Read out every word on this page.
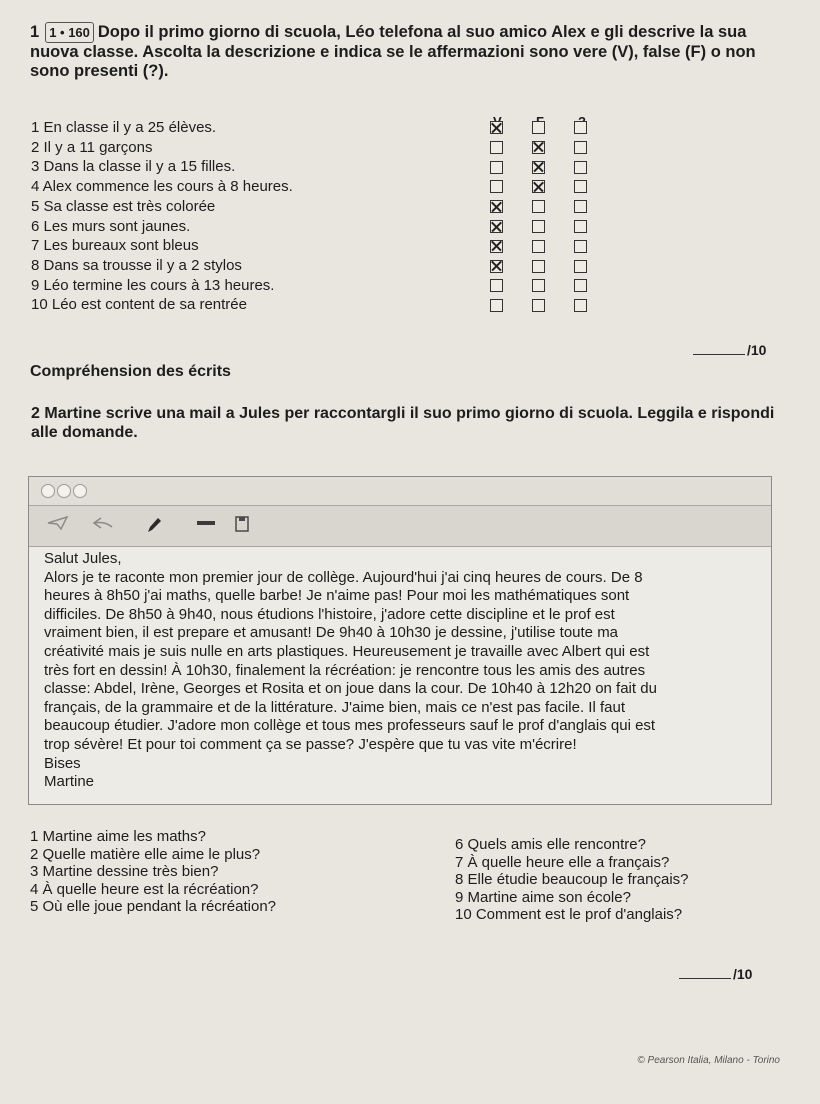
1 1 • 160 Dopo il primo giorno di scuola, Léo telefona al suo amico Alex e gli descrive la sua nuova classe. Ascolta la descrizione e indica se le affermazioni sono vere (V), false (F) o non sono presenti (?).
1 En classe il y a 25 élèves.
2 Il y a 11 garçons
3 Dans la classe il y a 15 filles.
4 Alex commence les cours à 8 heures.
5 Sa classe est très colorée
6 Les murs sont jaunes.
7 Les bureaux sont bleus
8 Dans sa trousse il y a 2 stylos
9 Léo termine les cours à 13 heures.
10 Léo est content de sa rentrée
/10
Compréhension des écrits
2 Martine scrive una mail a Jules per raccontargli il suo primo giorno di scuola. Leggila e rispondi alle domande.

Salut Jules,

Alors je te raconte mon premier jour de collège. Aujourd'hui j'ai cinq heures de cours. De 8

heures à 8h50 j'ai maths, quelle barbe! Je n'aime pas! Pour moi les mathématiques sont

difficiles. De 8h50 à 9h40, nous étudions l'histoire, j'adore cette discipline et le prof est

vraiment bien, il est prepare et amusant! De 9h40 à 10h30 je dessine, j'utilise toute ma

créativité mais je suis nulle en arts plastiques. Heureusement je travaille avec Albert qui est

très fort en dessin! À 10h30, finalement la récréation: je rencontre tous les amis des autres

classe: Abdel, Irène, Georges et Rosita et on joue dans la cour. De 10h40 à 12h20 on fait du

français, de la grammaire et de la littérature. J'aime bien, mais ce n'est pas facile. Il faut

beaucoup étudier. J'adore mon collège et tous mes professeurs sauf le prof d'anglais qui est

trop sévère! Et pour toi comment ça se passe? J'espère que tu vas vite m'écrire!

Bises

Martine

1 Martine aime les maths?
2 Quelle matière elle aime le plus?
3 Martine dessine très bien?
4 À quelle heure est la récréation?
5 Où elle joue pendant la récréation?
6 Quels amis elle rencontre?
7 À quelle heure elle a français?
8 Elle étudie beaucoup le français?
9 Martine aime son école?
10 Comment est le prof d'anglais?
/10
© Pearson Italia, Milano - Torino
